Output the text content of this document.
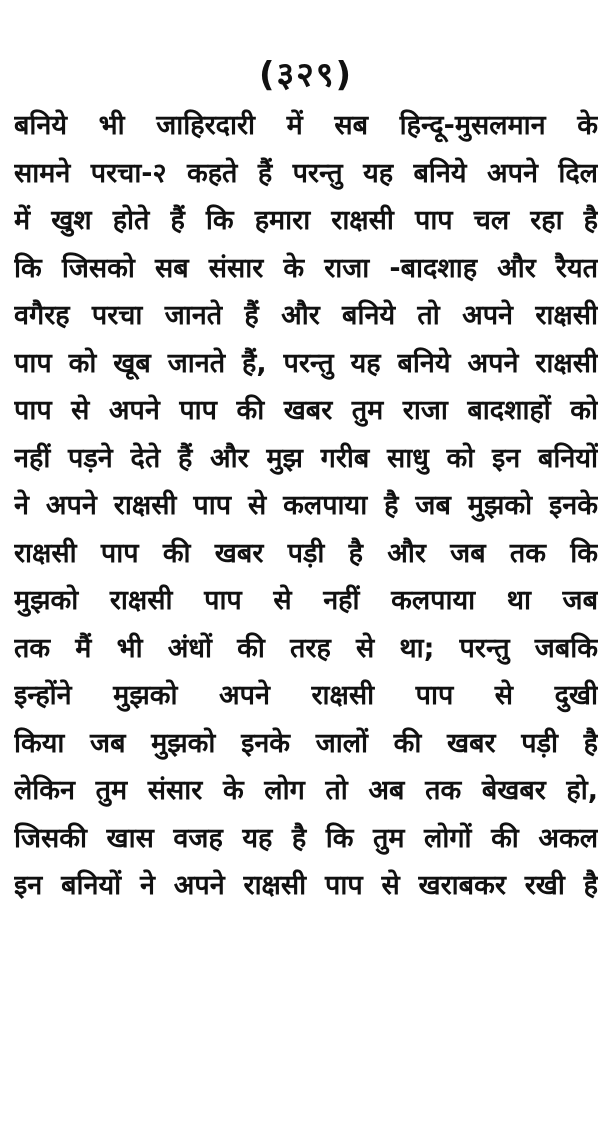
(३२९)
बनिये भी जाहिरदारी में सब हिन्दू-मुसलमान के
सामने परचा-२ कहते हैं परन्तु यह बनिये अपने दिल
में खुश होते हैं कि हमारा राक्षसी पाप चल रहा है
कि जिसको सब संसार के राजा -बादशाह और रैयत
वगैरह परचा जानते हैं और बनिये तो अपने राक्षसी
पाप को खूब जानते हैं, परन्तु यह बनिये अपने राक्षसी
पाप से अपने पाप की खबर तुम राजा बादशाहों को
नहीं पड़ने देते हैं और मुझ गरीब साधु को इन बनियों
ने अपने राक्षसी पाप से कलपाया है जब मुझको इनके
राक्षसी पाप की खबर पड़ी है और जब तक कि
मुझको राक्षसी पाप से नहीं कलपाया था जब
तक मैं भी अंधों की तरह से था; परन्तु जबकि
इन्होंने मुझको अपने राक्षसी पाप से दुखी
किया जब मुझको इनके जालों की खबर पड़ी है
लेकिन तुम संसार के लोग तो अब तक बेखबर हो,
जिसकी खास वजह यह है कि तुम लोगों की अकल
इन बनियों ने अपने राक्षसी पाप से खराबकर रखी है
